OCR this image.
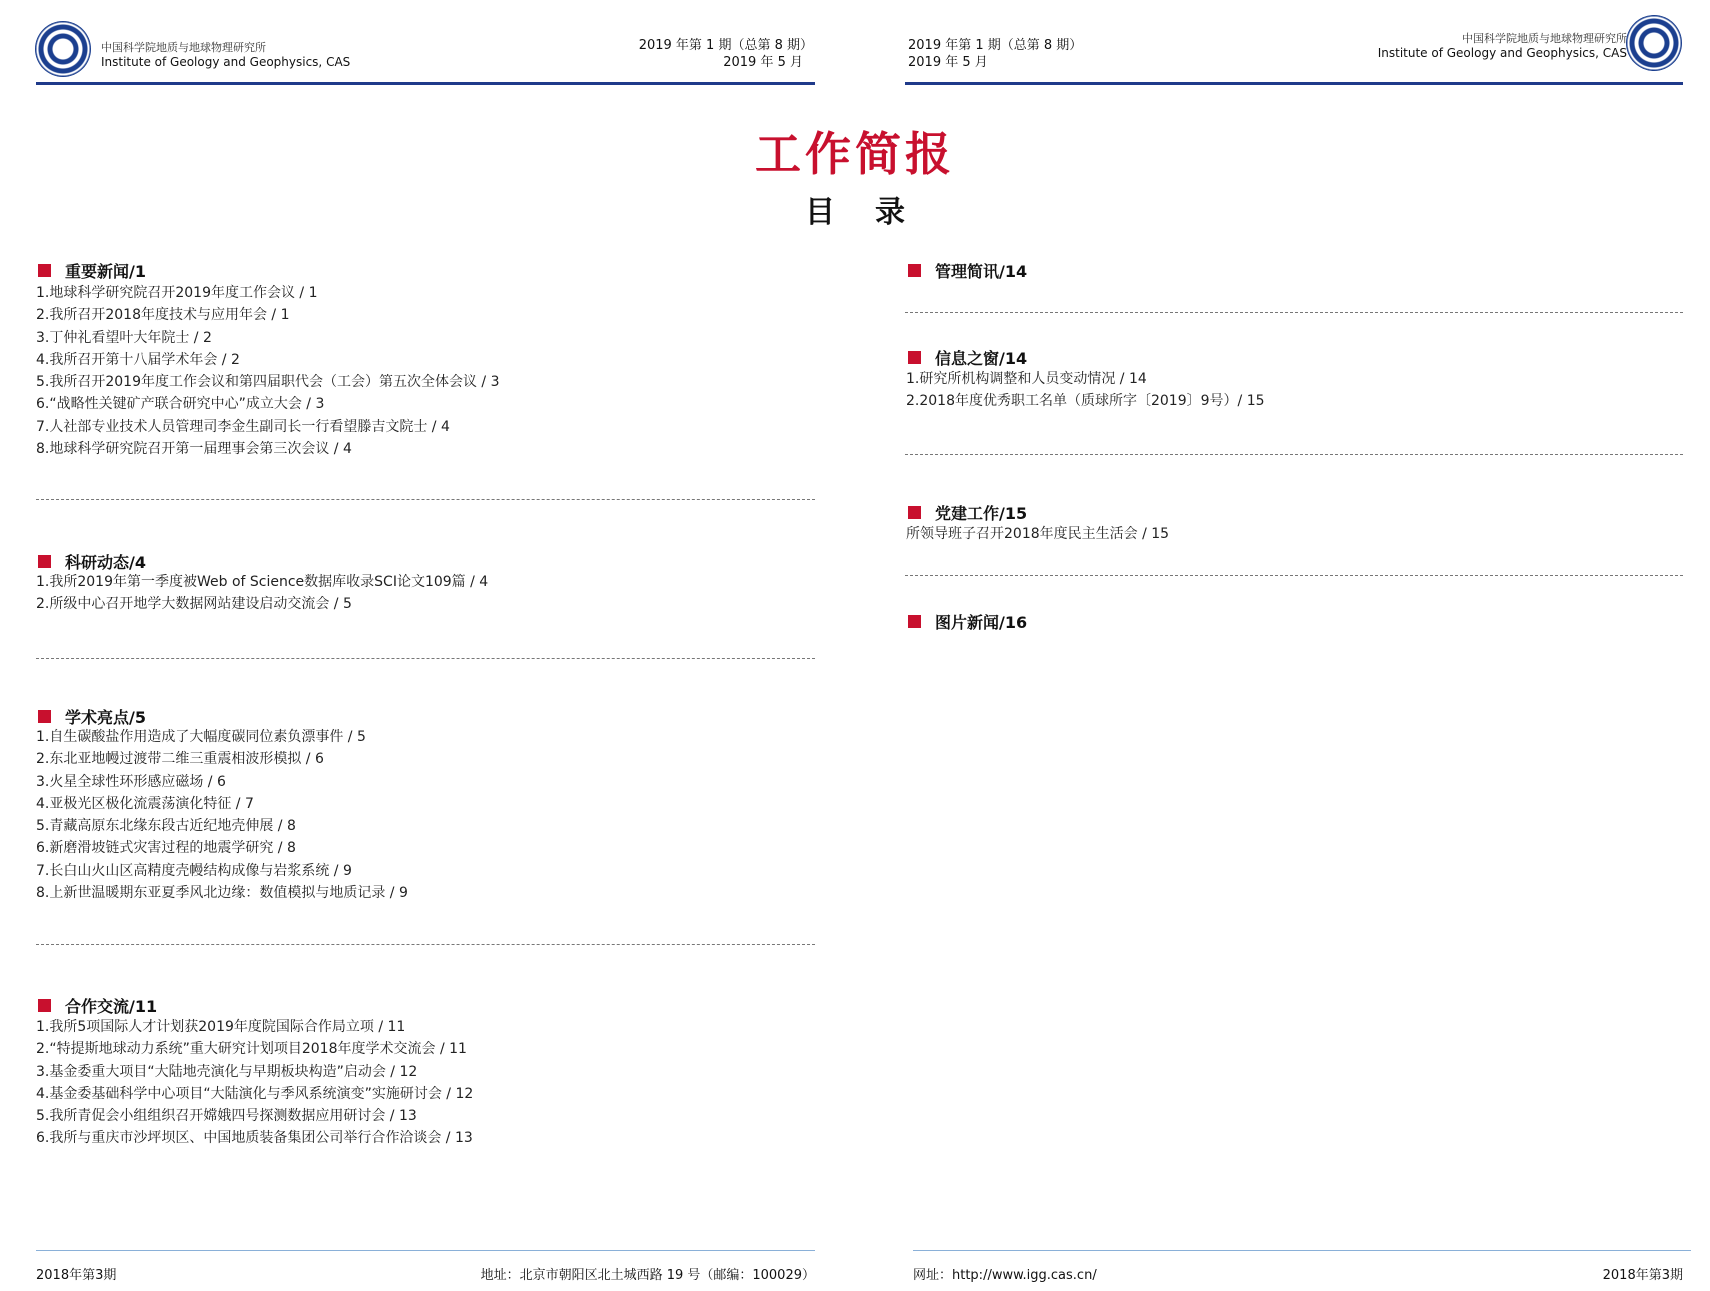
中国科学院地质与地球物理研究所
Institute of Geology and Geophysics, CAS
2019 年第 1 期（总第 8 期）
2019 年 5 月
2019 年第 1 期（总第 8 期）
2019 年 5 月
中国科学院地质与地球物理研究所
Institute of Geology and Geophysics, CAS
工作简报
目录
重要新闻/1
1.地球科学研究院召开2019年度工作会议 / 1
2.我所召开2018年度技术与应用年会 / 1
3.丁仲礼看望叶大年院士 / 2
4.我所召开第十八届学术年会 / 2
5.我所召开2019年度工作会议和第四届职代会（工会）第五次全体会议 / 3
6.“战略性关键矿产联合研究中心”成立大会 / 3
7.人社部专业技术人员管理司李金生副司长一行看望滕吉文院士 / 4
8.地球科学研究院召开第一届理事会第三次会议 / 4
科研动态/4
1.我所2019年第一季度被Web of Science数据库收录SCI论文109篇 / 4
2.所级中心召开地学大数据网站建设启动交流会 / 5
学术亮点/5
1.自生碳酸盐作用造成了大幅度碳同位素负漂事件 / 5
2.东北亚地幔过渡带二维三重震相波形模拟 / 6
3.火星全球性环形感应磁场 / 6
4.亚极光区极化流震荡演化特征 / 7
5.青藏高原东北缘东段古近纪地壳伸展 / 8
6.新磨滑坡链式灾害过程的地震学研究 / 8
7.长白山火山区高精度壳幔结构成像与岩浆系统 / 9
8.上新世温暖期东亚夏季风北边缘：数值模拟与地质记录 / 9
合作交流/11
1.我所5项国际人才计划获2019年度院国际合作局立项 / 11
2.“特提斯地球动力系统”重大研究计划项目2018年度学术交流会 / 11
3.基金委重大项目“大陆地壳演化与早期板块构造”启动会 / 12
4.基金委基础科学中心项目“大陆演化与季风系统演变”实施研讨会 / 12
5.我所青促会小组组织召开嫦娥四号探测数据应用研讨会 / 13
6.我所与重庆市沙坪坝区、中国地质装备集团公司举行合作洽谈会 / 13
管理简讯/14
信息之窗/14
1.研究所机构调整和人员变动情况 / 14
2.2018年度优秀职工名单（质球所字〔2019〕9号）/ 15
党建工作/15
所领导班子召开2018年度民主生活会 / 15
图片新闻/16
2018年第3期	地址：北京市朝阳区北土城西路 19 号（邮编：100029）	网址：http://www.igg.cas.cn/	2018年第3期
